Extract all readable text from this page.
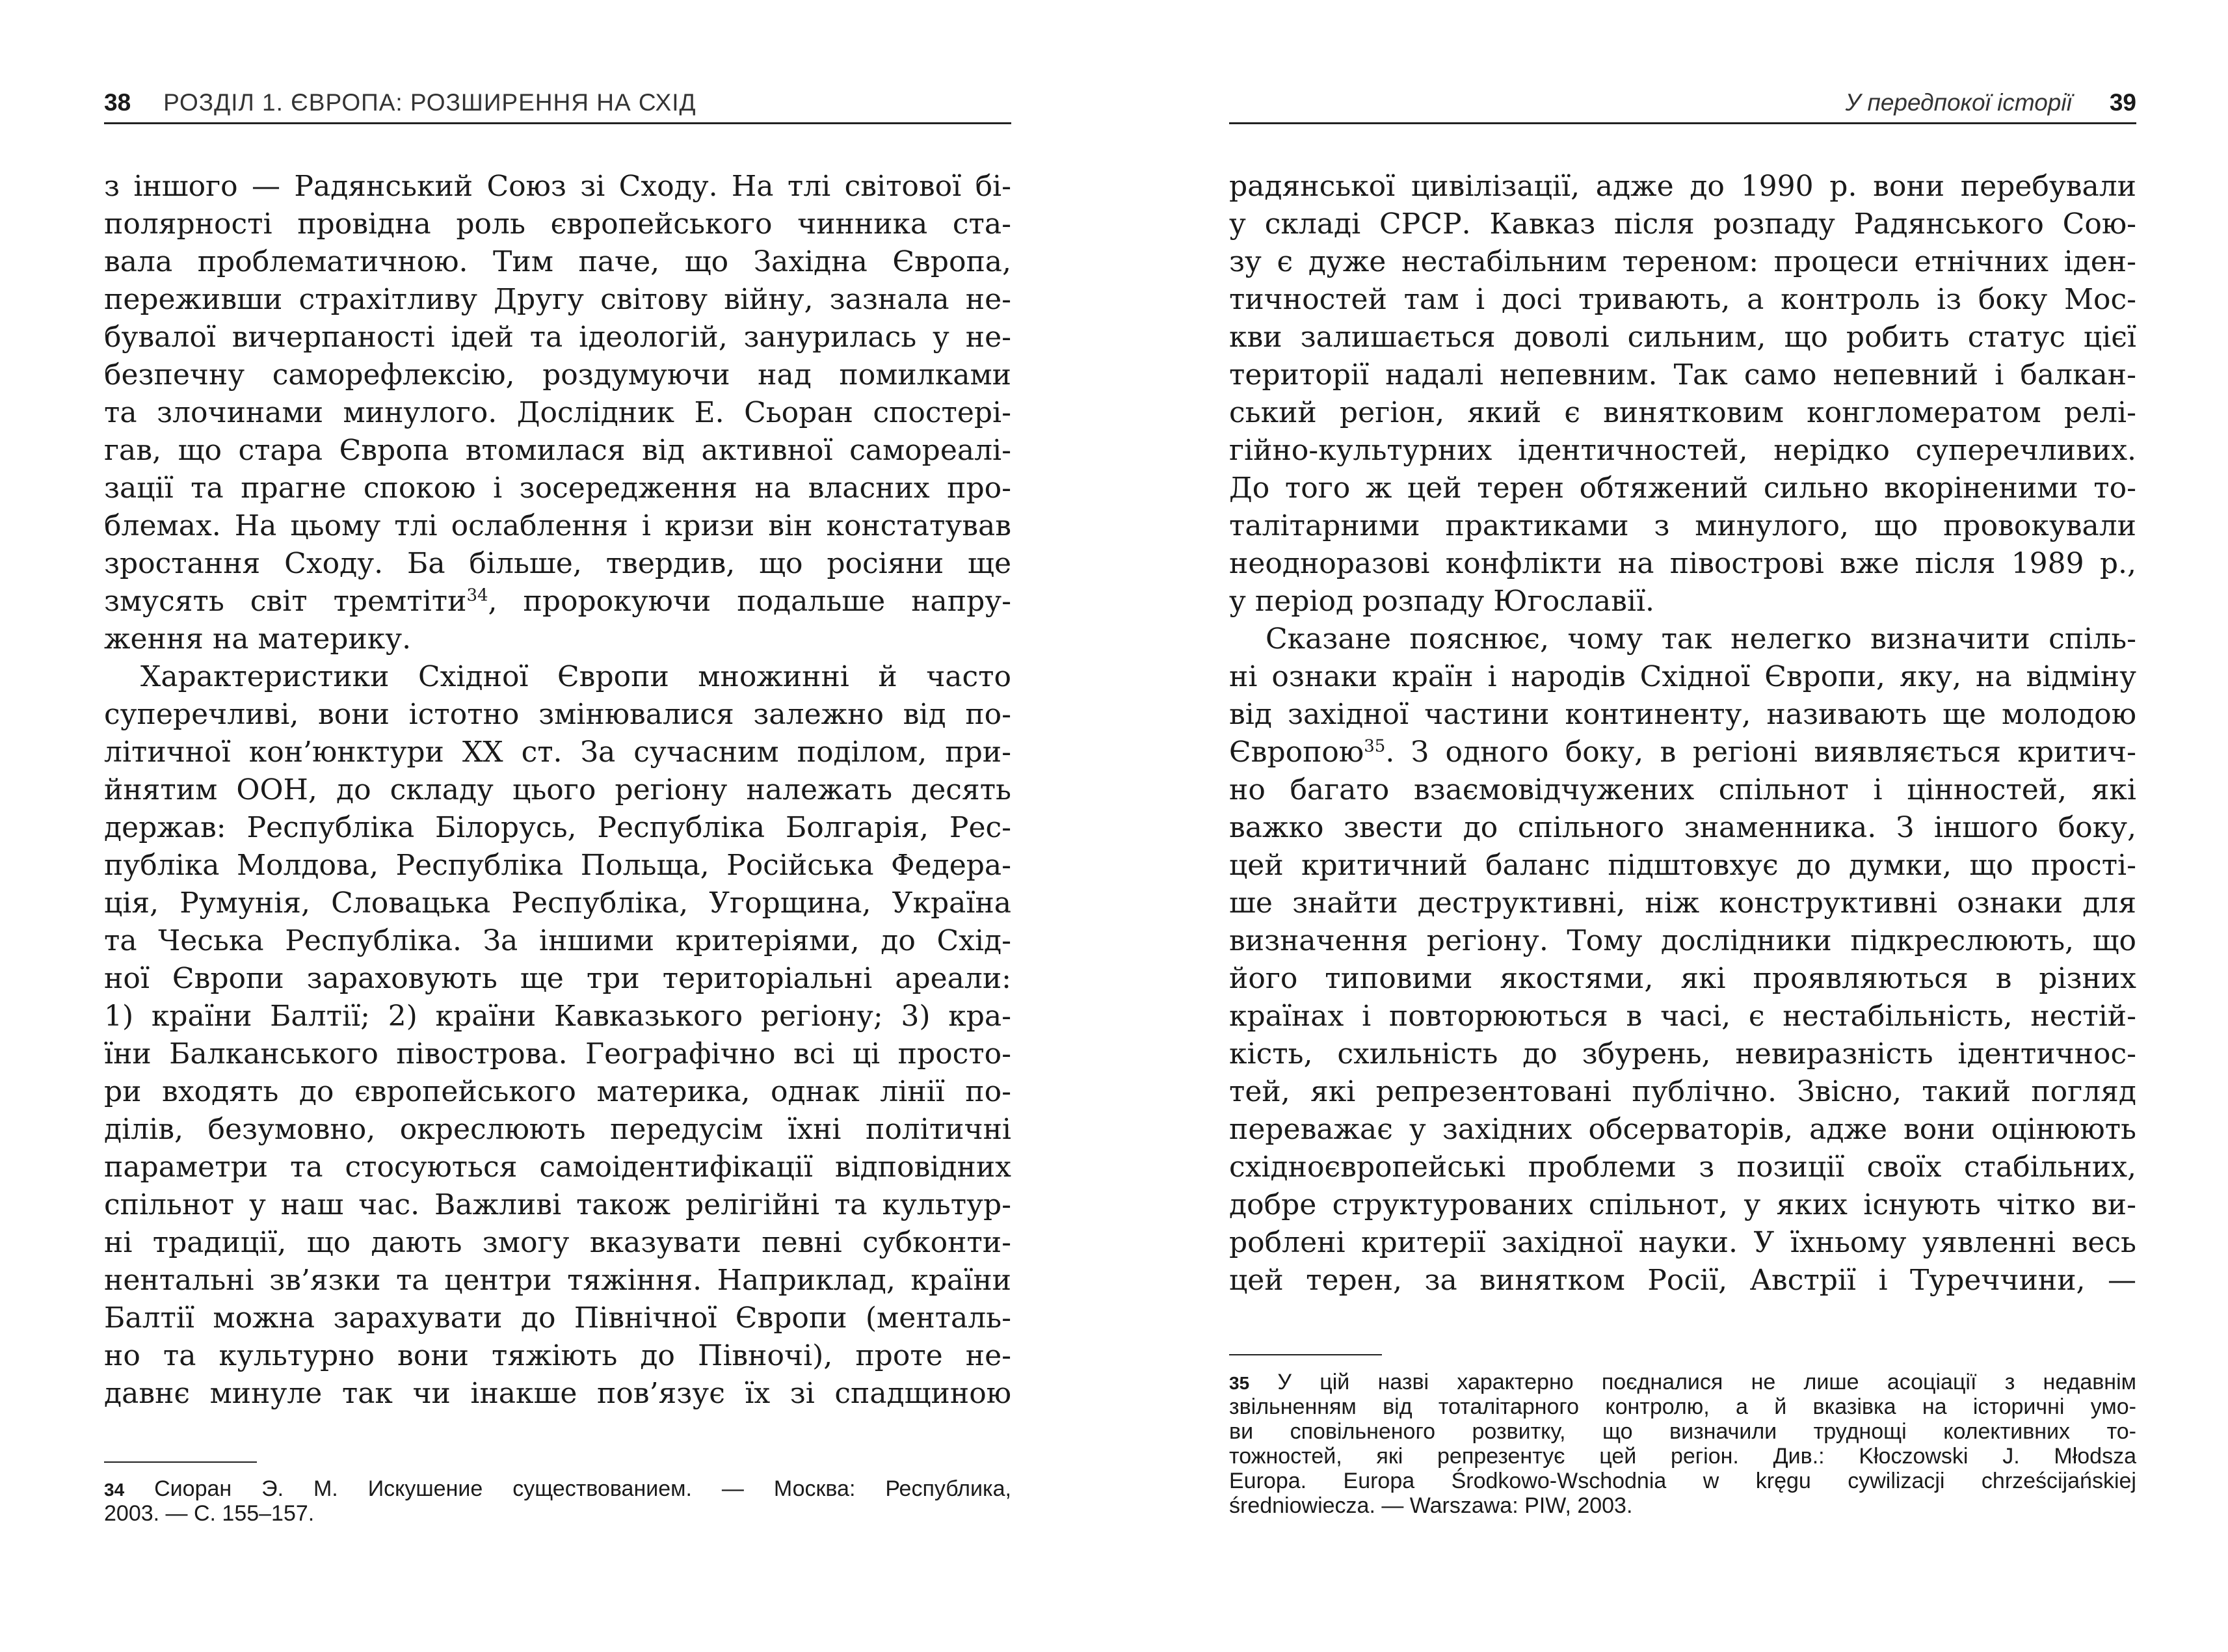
38 РОЗДІЛ 1. ЄВРОПА: РОЗШИРЕННЯ НА СХІД
з іншого — Радянський Союз зі Сходу. На тлі світової бі-
полярності провідна роль європейського чинника ста-
вала проблематичною. Тим паче, що Західна Європа,
переживши страхітливу Другу світову війну, зазнала не-
бувалої вичерпаності ідей та ідеологій, занурилась у не-
безпечну саморефлексію, роздумуючи над помилками
та злочинами минулого. Дослідник Е. Сьоран спостері-
гав, що стара Європа втомилася від активної самореалі-
зації та прагне спокою і зосередження на власних про-
блемах. На цьому тлі ослаблення і кризи він констатував
зростання Сходу. Ба більше, твердив, що росіяни ще
змусять світ тремтіти$^{34}$, пророкуючи подальше напру-
ження на материку.
Характеристики Східної Європи множинні й часто
суперечливі, вони істотно змінювалися залежно від по-
літичної кон’юнктури XX ст. За сучасним поділом, при-
йнятим ООН, до складу цього регіону належать десять
держав: Республіка Білорусь, Республіка Болгарія, Рес-
публіка Молдова, Республіка Польща, Російська Федера-
ція, Румунія, Словацька Республіка, Угорщина, Україна
та Чеська Республіка. За іншими критеріями, до Схід-
ної Європи зараховують ще три територіальні ареали:
1) країни Балтії; 2) країни Кавказького регіону; 3) кра-
їни Балканського півострова. Географічно всі ці просто-
ри входять до європейського материка, однак лінії по-
ділів, безумовно, окреслюють передусім їхні політичні
параметри та стосуються самоідентифікації відповідних
спільнот у наш час. Важливі також релігійні та культур-
ні традиції, що дають змогу вказувати певні субконти-
нентальні зв’язки та центри тяжіння. Наприклад, країни
Балтії можна зарахувати до Північної Європи (менталь-
но та культурно вони тяжіють до Півночі), проте не-
давнє минуле так чи інакше пов’язує їх зі спадщиною
34 Сиоран Э. М. Искушение существованием. — Москва: Республика,
2003. — С. 155–157.
У передпокої історії 39
радянської цивілізації, адже до 1990 р. вони перебували
у складі СРСР. Кавказ після розпаду Радянського Сою-
зу є дуже нестабільним тереном: процеси етнічних іден-
тичностей там і досі тривають, а контроль із боку Мос-
кви залишається доволі сильним, що робить статус цієї
території надалі непевним. Так само непевний і балкан-
ський регіон, який є винятковим конгломератом релі-
гійно-культурних ідентичностей, нерідко суперечливих.
До того ж цей терен обтяжений сильно вкоріненими то-
талітарними практиками з минулого, що провокували
неодноразові конфлікти на півострові вже після 1989 р.,
у період розпаду Югославії.
Сказане пояснює, чому так нелегко визначити спіль-
ні ознаки країн і народів Східної Європи, яку, на відміну
від західної частини континенту, називають ще молодою
Європою$^{35}$. З одного боку, в регіоні виявляється критич-
но багато взаємовідчужених спільнот і цінностей, які
важко звести до спільного знаменника. З іншого боку,
цей критичний баланс підштовхує до думки, що прості-
ше знайти деструктивні, ніж конструктивні ознаки для
визначення регіону. Тому дослідники підкреслюють, що
його типовими якостями, які проявляються в різних
країнах і повторюються в часі, є нестабільність, нестій-
кість, схильність до збурень, невиразність ідентичнос-
тей, які репрезентовані публічно. Звісно, такий погляд
переважає у західних обсерваторів, адже вони оцінюють
східноєвропейські проблеми з позиції своїх стабільних,
добре структурованих спільнот, у яких існують чітко ви-
роблені критерії західної науки. У їхньому уявленні весь
цей терен, за винятком Росії, Австрії і Туреччини, —
35 У цій назві характерно поєдналися не лише асоціації з недавнім
звільненням від тоталітарного контролю, а й вказівка на історичні умо-
ви сповільненого розвитку, що визначили труднощі колективних то-
тожностей, які репрезентує цей регіон. Див.: Kłoczowski J. Młodsza
Europa. Europa Środkowo-Wschodnia w kręgu cywilizacji chrześcijańskiej
średniowiecza. — Warszawa: PIW, 2003.
